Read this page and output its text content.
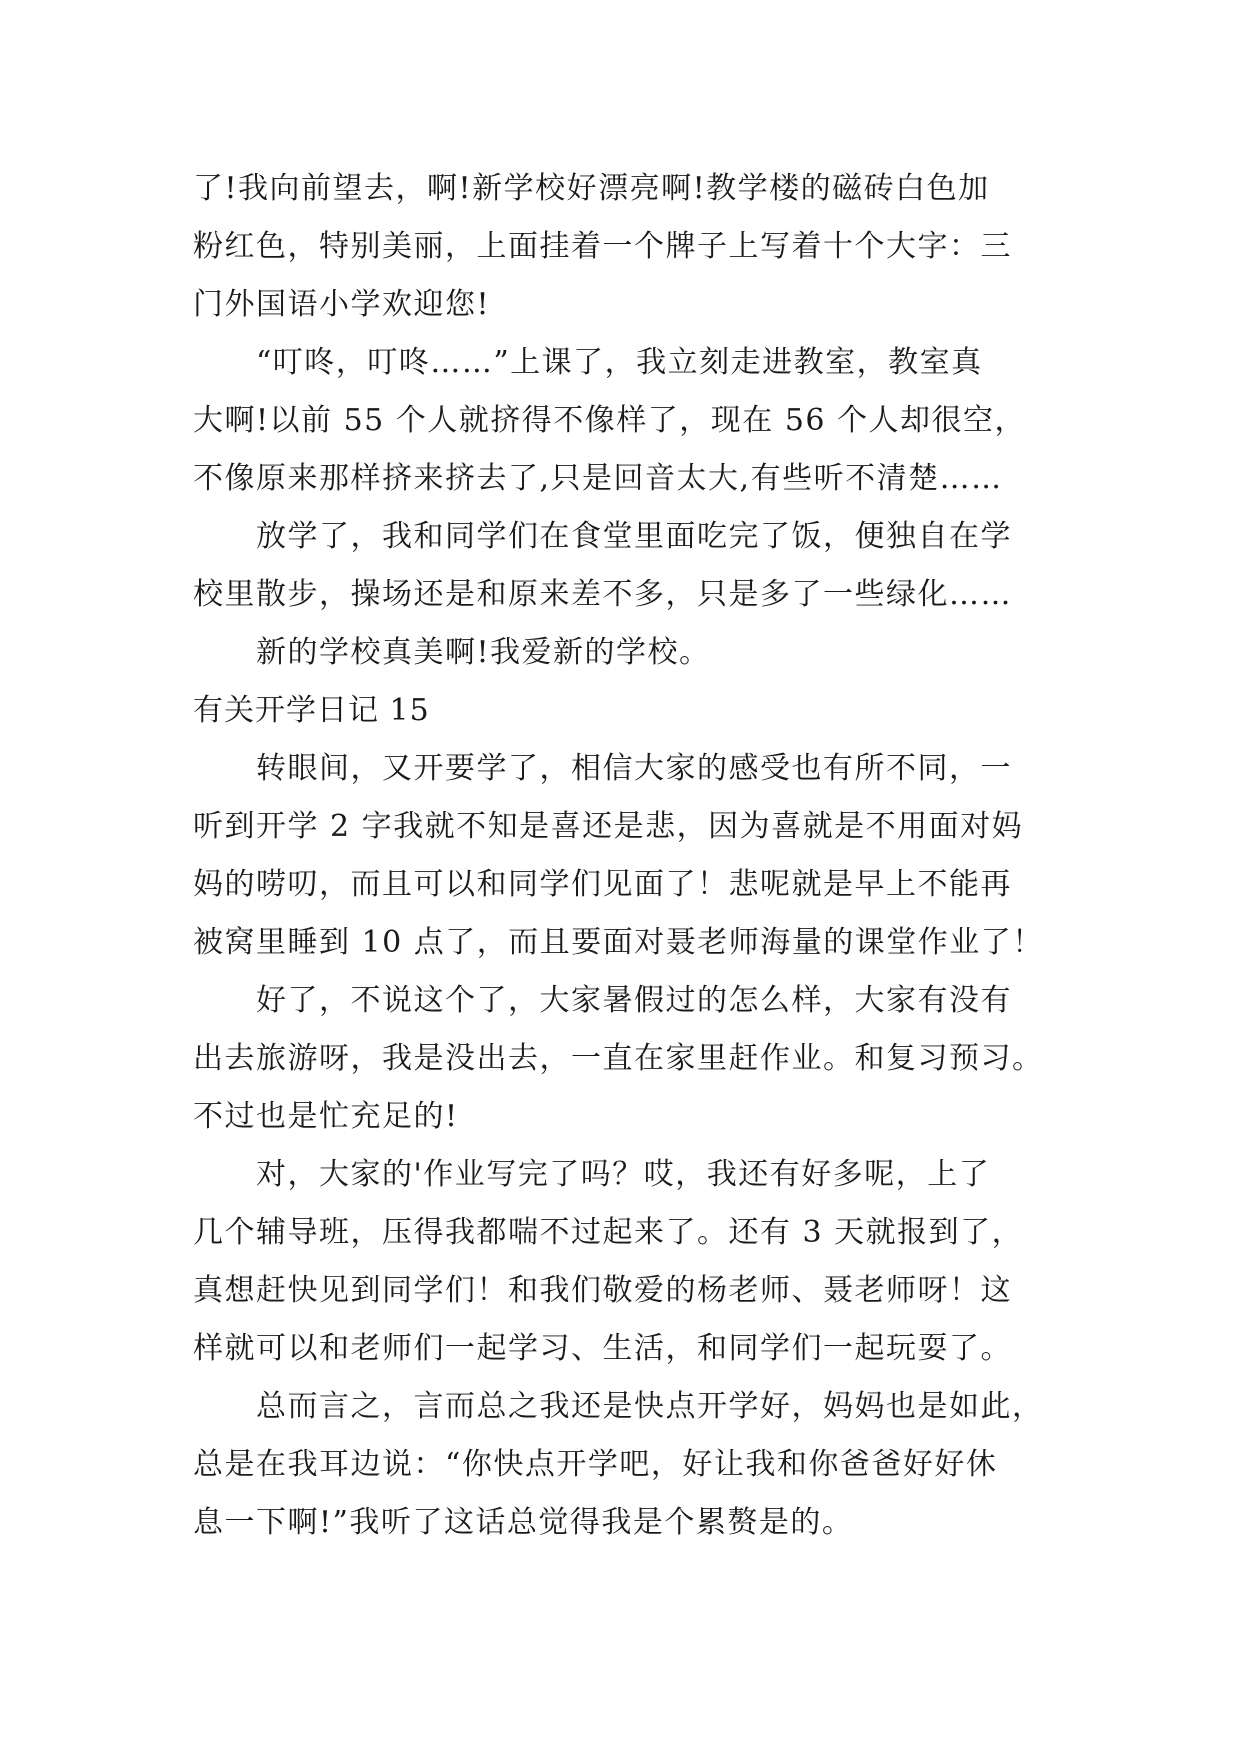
了!我向前望去，啊!新学校好漂亮啊!教学楼的磁砖白色加
粉红色，特别美丽，上面挂着一个牌子上写着十个大字：三
门外国语小学欢迎您!
“叮咚，叮咚……”上课了，我立刻走进教室，教室真
大啊!以前 55 个人就挤得不像样了，现在 56 个人却很空，
不像原来那样挤来挤去了,只是回音太大,有些听不清楚……
放学了，我和同学们在食堂里面吃完了饭，便独自在学
校里散步，操场还是和原来差不多，只是多了一些绿化……
新的学校真美啊!我爱新的学校。
有关开学日记 15
转眼间，又开要学了，相信大家的感受也有所不同，一
听到开学 2 字我就不知是喜还是悲，因为喜就是不用面对妈
妈的唠叨，而且可以和同学们见面了！悲呢就是早上不能再
被窝里睡到 10 点了，而且要面对聂老师海量的课堂作业了！
好了，不说这个了，大家暑假过的怎么样，大家有没有
出去旅游呀，我是没出去，一直在家里赶作业。和复习预习。
不过也是忙充足的!
对，大家的'作业写完了吗？哎，我还有好多呢，上了
几个辅导班，压得我都喘不过起来了。还有 3 天就报到了，
真想赶快见到同学们！和我们敬爱的杨老师、聂老师呀！这
样就可以和老师们一起学习、生活，和同学们一起玩耍了。
总而言之，言而总之我还是快点开学好，妈妈也是如此，
总是在我耳边说：“你快点开学吧，好让我和你爸爸好好休
息一下啊!”我听了这话总觉得我是个累赘是的。
